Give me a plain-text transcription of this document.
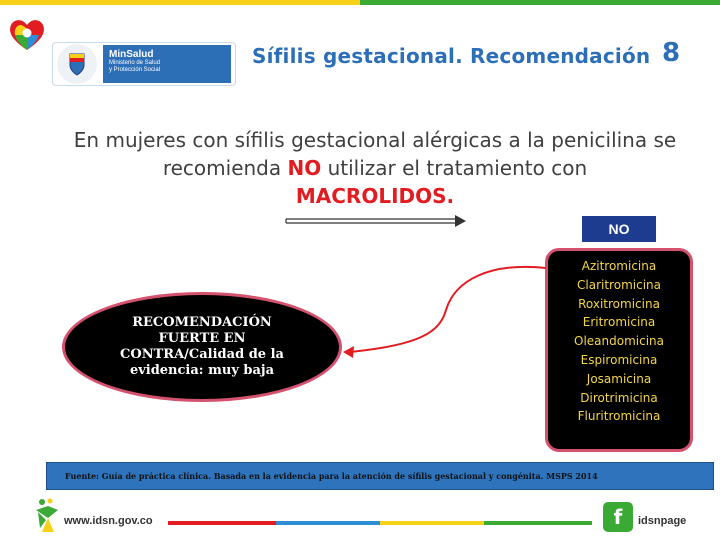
MinSalud
Ministerio de Salud
y Protección Social
Sífilis gestacional. Recomendación 8
En mujeres con sífilis gestacional alérgicas a la penicilina se recomienda NO utilizar el tratamiento con
MACROLIDOS.
NO
Azitromicina
Claritromicina
Roxitromicina
Eritromicina
Oleandomicina
Espiromicina
Josamicina
Dirotrimicina
Fluritromicina
RECOMENDACIÓN
FUERTE EN
CONTRA/Calidad de la
evidencia: muy baja
Fuente: Guía de práctica clínica. Basada en la evidencia para la atención de sífilis gestacional y congénita. MSPS 2014
www.idsn.gov.co	f	idsnpage
